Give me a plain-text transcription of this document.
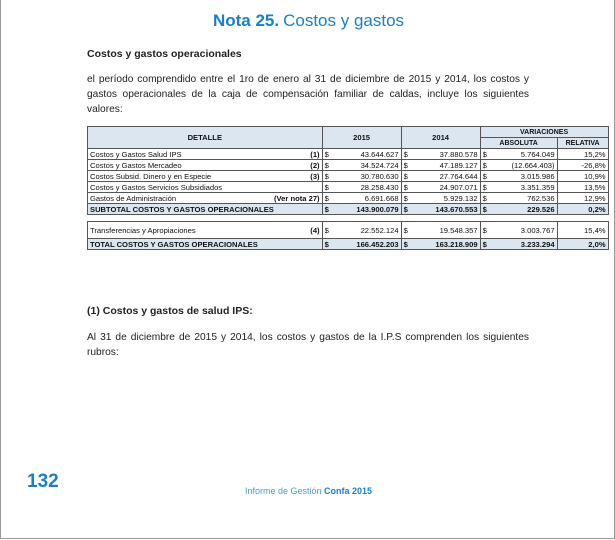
Nota 25. Costos y gastos
Costos y gastos operacionales
el período comprendido entre el 1ro de enero al 31 de diciembre de 2015 y 2014, los costos y gastos operacionales de la caja de compensación familiar de caldas, incluye los siguientes valores:
DETALLE		2015	2014	VARIACIONES	
				ABSOLUTA	RELATIVA
Costos y Gastos Salud IPS	(1)	$ 43.644.627	$ 37.880.578	$ 5.764.049	15,2%
Costos y Gastos Mercadeo	(2)	$ 34.524.724	$ 47.189.127	$ (12.664.403)	-26,8%
Costos Subsid. Dinero y en Especie	(3)	$ 30.780.630	$ 27.764.644	$ 3.015.986	10,9%
Costos y Gastos Servicios Subsidiados		$ 28.258.430	$ 24.907.071	$ 3.351.359	13,5%
Gastos de Administración	(Ver nota 27)	$ 6.691.668	$ 5.929.132	$ 762.536	12,9%
SUBTOTAL COSTOS Y GASTOS OPERACIONALES		$ 143.900.079	$ 143.670.553	$ 229.526	0,2%

Transferencias y Apropiaciones	(4)	$ 22.552.124	$ 19.548.357	$ 3.003.767	15,4%
TOTAL COSTOS Y GASTOS OPERACIONALES		$ 166.452.203	$ 163.218.909	$ 3.233.294	2,0%
(1) Costos y gastos de salud IPS:
Al 31 de diciembre de 2015 y 2014, los costos y gastos de la I.P.S comprenden los siguientes rubros:
132	Informe de Gestión Confa 2015
